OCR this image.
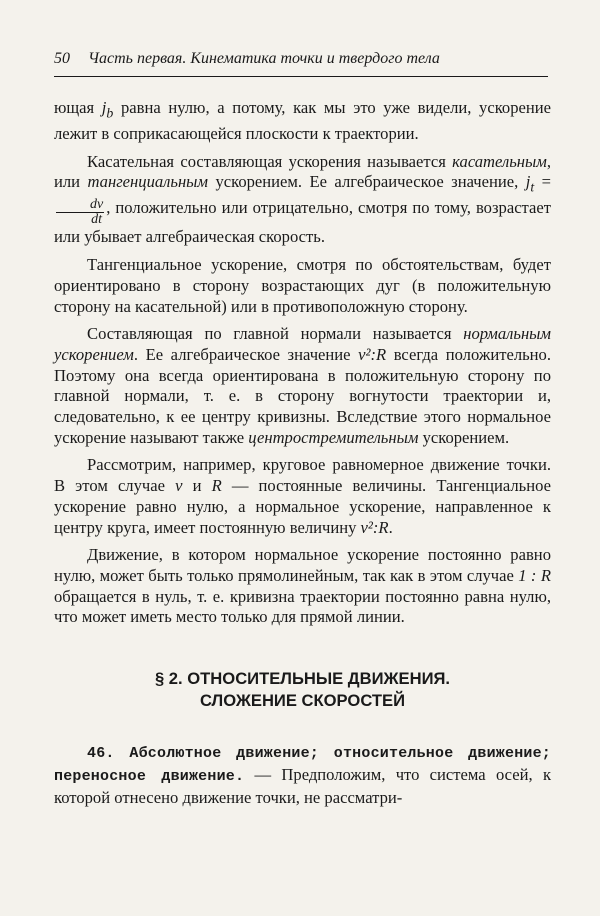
50 Часть первая. Кинематика точки и твердого тела

ющая $j_b$ равна нулю, а потому, как мы это уже видели, ускорение лежит в соприкасающейся плоскости к траектории.

Касательная составляющая ускорения называется касательным, или тангенциальным ускорением. Ее алгебраическое значение, $j_t$ =
$\frac{dv}{dt}$ , положительно или отрицательно, смотря по тому, возрастает или убывает алгебраическая скорость.

Тангенциальное ускорение, смотря по обстоятельствам, будет ориентировано в сторону возрастающих дуг (в положительную сторону на касательной) или в противоположную сторону.

Составляющая по главной нормали называется нормальным ускорением. Ее алгебраическое значение v²:R всегда положительно. Поэтому она всегда ориентирована в положительную сторону по главной нормали, т. е. в сторону вогнутости траектории и, следовательно, к ее центру кривизны. Вследствие этого нормальное ускорение называют также центростремительным ускорением.

Рассмотрим, например, круговое равномерное движение точки. В этом случае v и R — постоянные величины. Тангенциальное ускорение равно нулю, а нормальное ускорение, направленное к центру круга, имеет постоянную величину v²:R.

Движение, в котором нормальное ускорение постоянно равно нулю, может быть только прямолинейным, так как в этом случае 1 : R обращается в нуль, т. е. кривизна траектории постоянно равна нулю, что может иметь место только для прямой линии.

§ 2. ОТНОСИТЕЛЬНЫЕ ДВИЖЕНИЯ.
СЛОЖЕНИЕ СКОРОСТЕЙ

46. Абсолютное движение; относительное движение; переносное движение. — Предположим, что система осей, к которой отнесено движение точки, не рассматри-
